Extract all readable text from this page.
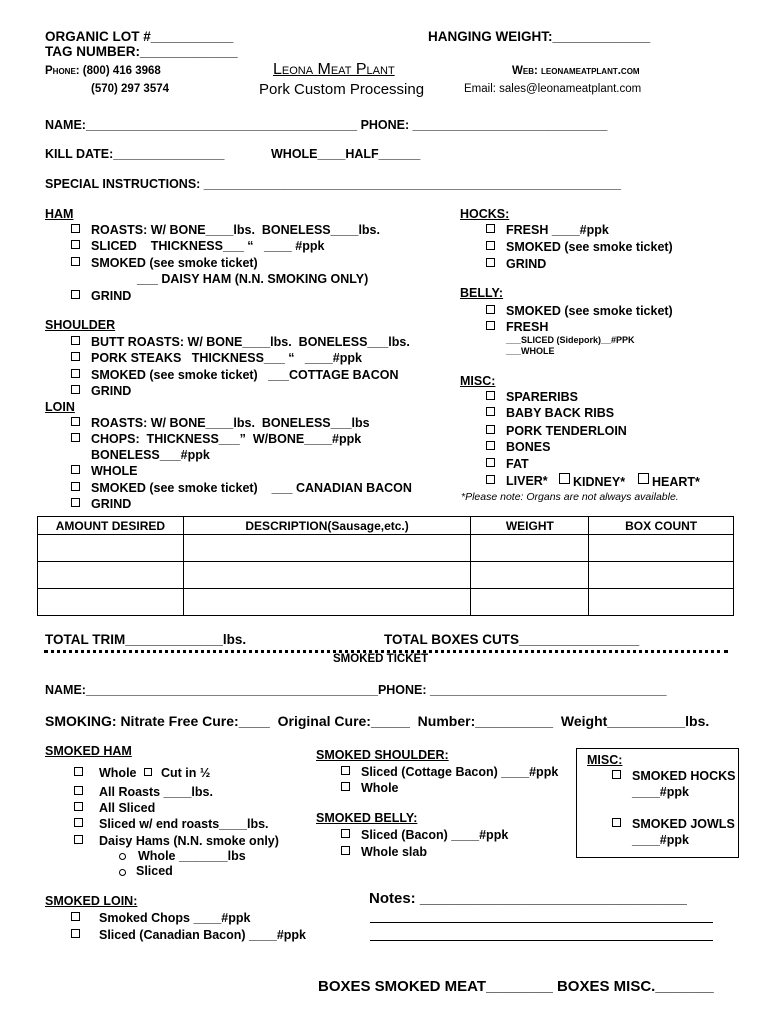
ORGANIC LOT #___________	HANGING WEIGHT:_____________
TAG NUMBER:_____________
Phone: (800) 416 3968
(570) 297 3574
Leona Meat Plant
Pork Custom Processing
Web: leonameatplant.com
Email: sales@leonameatplant.com
NAME:_______________________________________ PHONE: ____________________________
KILL DATE:________________	WHOLE____HALF______
SPECIAL INSTRUCTIONS: ____________________________________________________________
HAM
ROASTS: W/ BONE____lbs.  BONELESS____lbs.
SLICED    THICKNESS___ “   ____ #ppk
SMOKED (see smoke ticket)
___ DAISY HAM (N.N. SMOKING ONLY)
GRIND
SHOULDER
BUTT ROASTS: W/ BONE____lbs.  BONELESS___lbs.
PORK STEAKS   THICKNESS___ “   ____#ppk
SMOKED (see smoke ticket)   ___COTTAGE BACON
GRIND
LOIN
ROASTS: W/ BONE____lbs.  BONELESS___lbs
CHOPS:  THICKNESS___”  W/BONE____#ppk
BONELESS___#ppk
WHOLE
SMOKED (see smoke ticket)    ___ CANADIAN BACON
GRIND
HOCKS:
FRESH ____#ppk
SMOKED (see smoke ticket)
GRIND
BELLY:
SMOKED (see smoke ticket)
FRESH
___SLICED (Sidepork)__#PPK
___WHOLE
MISC:
SPARERIBS
BABY BACK RIBS
PORK TENDERLOIN
BONES
FAT
LIVER* KIDNEY* HEART*
*Please note: Organs are not always available.
AMOUNT DESIRED	DESCRIPTION(Sausage,etc.)	WEIGHT	BOX COUNT

TOTAL TRIM_____________lbs.	TOTAL BOXES CUTS________________
SMOKED TICKET
NAME:__________________________________________PHONE: __________________________________
SMOKING: Nitrate Free Cure:____  Original Cure:_____  Number:__________  Weight__________lbs.
SMOKED HAM
Whole Cut in ½
All Roasts ____lbs.
All Sliced
Sliced w/ end roasts____lbs.
Daisy Hams (N.N. smoke only)
Whole _______lbs
Sliced
SMOKED SHOULDER:
Sliced (Cottage Bacon) ____#ppk
Whole
SMOKED BELLY:
Sliced (Bacon) ____#ppk
Whole slab
MISC:
SMOKED HOCKS
____#ppk
SMOKED JOWLS
____#ppk
SMOKED LOIN:
Smoked Chops ____#ppk
Sliced (Canadian Bacon) ____#ppk
Notes: ________________________________
BOXES SMOKED MEAT________ BOXES MISC._______
